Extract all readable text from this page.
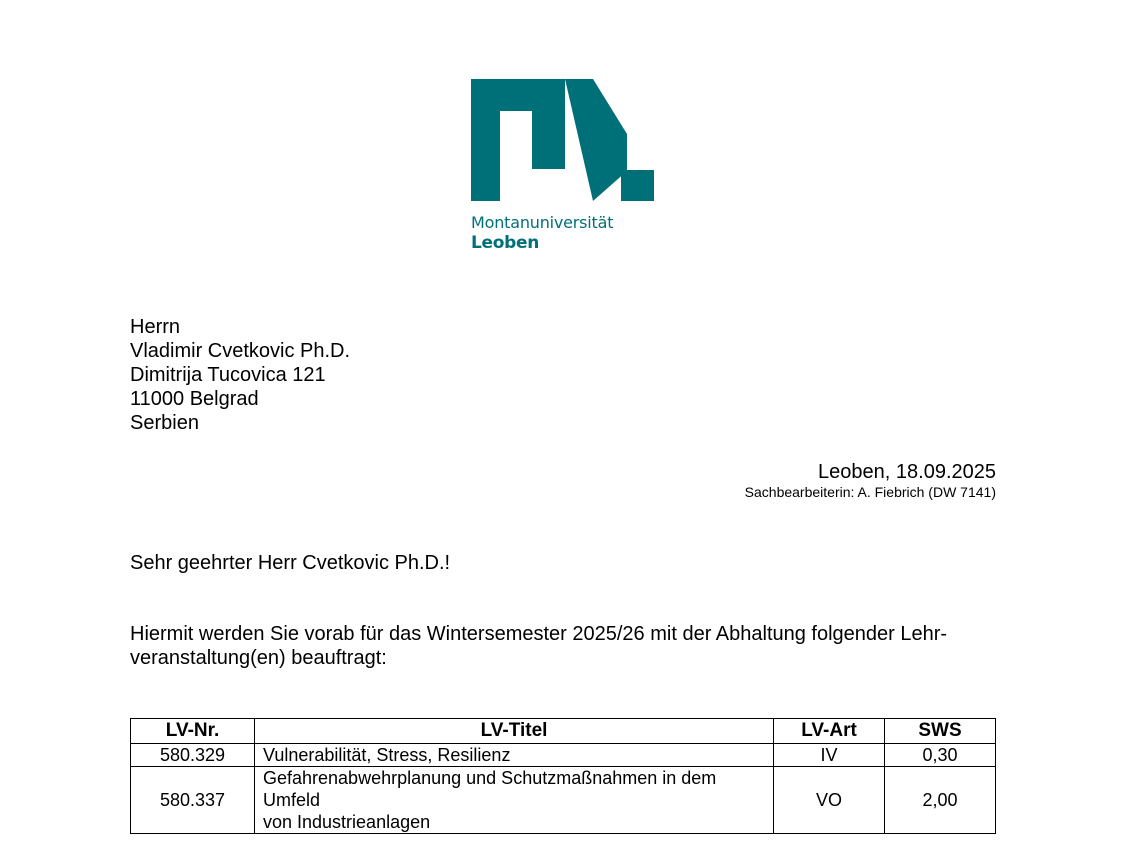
Montanuniversität
Leoben
Herrn
Vladimir Cvetkovic Ph.D.
Dimitrija Tucovica 121
11000 Belgrad
Serbien
Leoben, 18.09.2025
Sachbearbeiterin: A. Fiebrich (DW 7141)
Sehr geehrter Herr Cvetkovic Ph.D.!
Hiermit werden Sie vorab für das Wintersemester 2025/26 mit der Abhaltung folgender Lehr-
veranstaltung(en) beauftragt:
LV-Nr.	LV-Titel	LV-Art	SWS
580.329	Vulnerabilität, Stress, Resilienz	IV	0,30
580.337	Gefahrenabwehrplanung und Schutzmaßnahmen in dem Umfeld
von Industrieanlagen	VO	2,00
